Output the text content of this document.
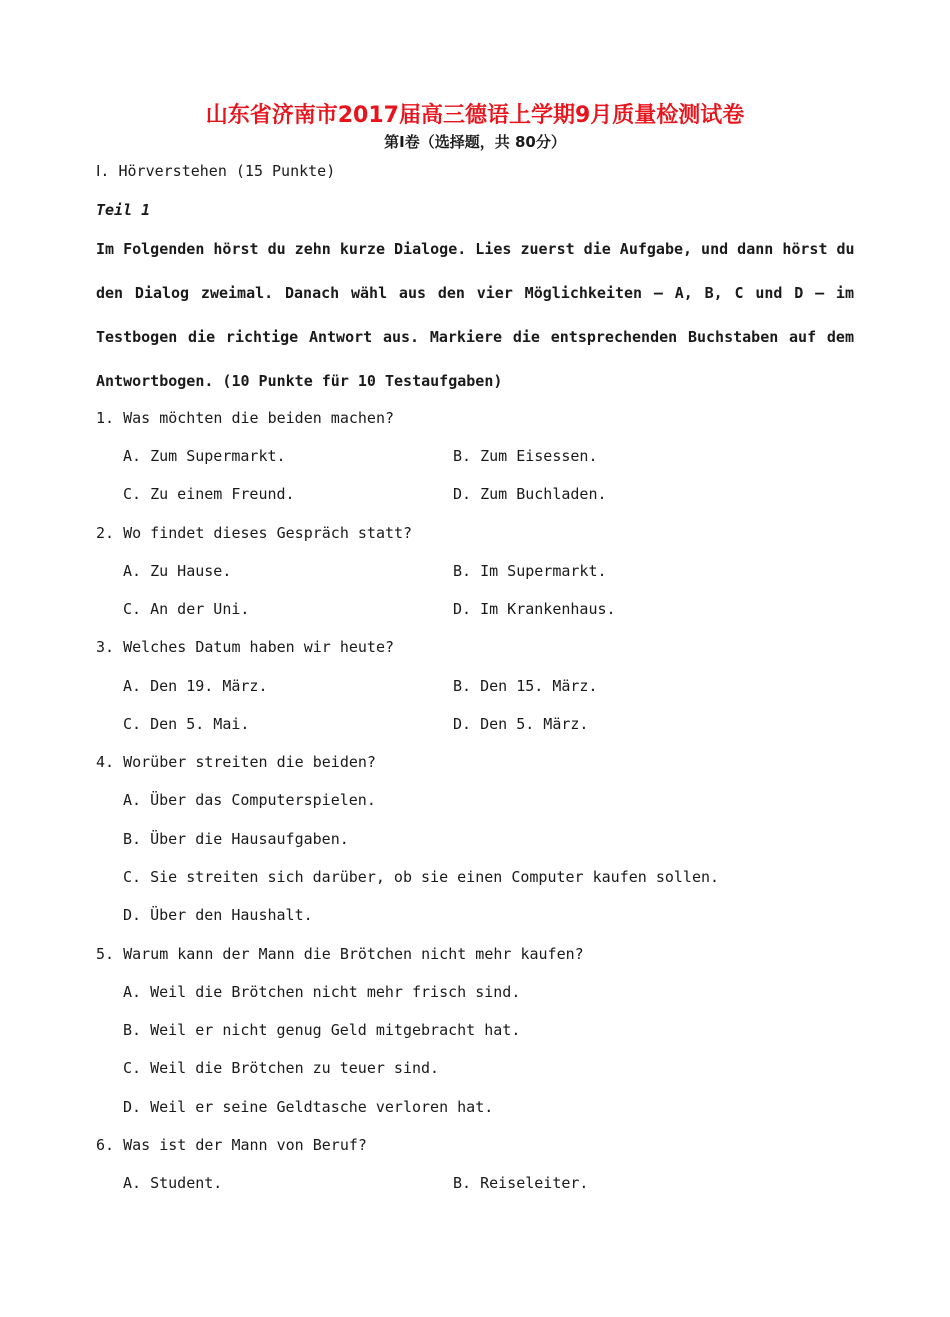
山东省济南市2017届高三德语上学期9月质量检测试卷
第Ⅰ卷（选择题，共 80分）
Ⅰ. Hörverstehen (15 Punkte)
Teil 1
Im Folgenden hörst du zehn kurze Dialoge. Lies zuerst die Aufgabe, und dann hörst du
den Dialog zweimal. Danach wähl aus den vier Möglichkeiten – A, B, C und D – im
Testbogen die richtige Antwort aus. Markiere die entsprechenden Buchstaben auf dem
Antwortbogen. (10 Punkte für 10 Testaufgaben)
1. Was möchten die beiden machen?
A. Zum Supermarkt.	B. Zum Eisessen.
C. Zu einem Freund.	D. Zum Buchladen.
2. Wo findet dieses Gespräch statt?
A. Zu Hause.	B. Im Supermarkt.
C. An der Uni.	D. Im Krankenhaus.
3. Welches Datum haben wir heute?
A. Den 19. März.	B. Den 15. März.
C. Den 5. Mai.	D. Den 5. März.
4. Worüber streiten die beiden?
A. Über das Computerspielen.
B. Über die Hausaufgaben.
C. Sie streiten sich darüber, ob sie einen Computer kaufen sollen.
D. Über den Haushalt.
5. Warum kann der Mann die Brötchen nicht mehr kaufen?
A. Weil die Brötchen nicht mehr frisch sind.
B. Weil er nicht genug Geld mitgebracht hat.
C. Weil die Brötchen zu teuer sind.
D. Weil er seine Geldtasche verloren hat.
6. Was ist der Mann von Beruf?
A. Student.	B. Reiseleiter.
